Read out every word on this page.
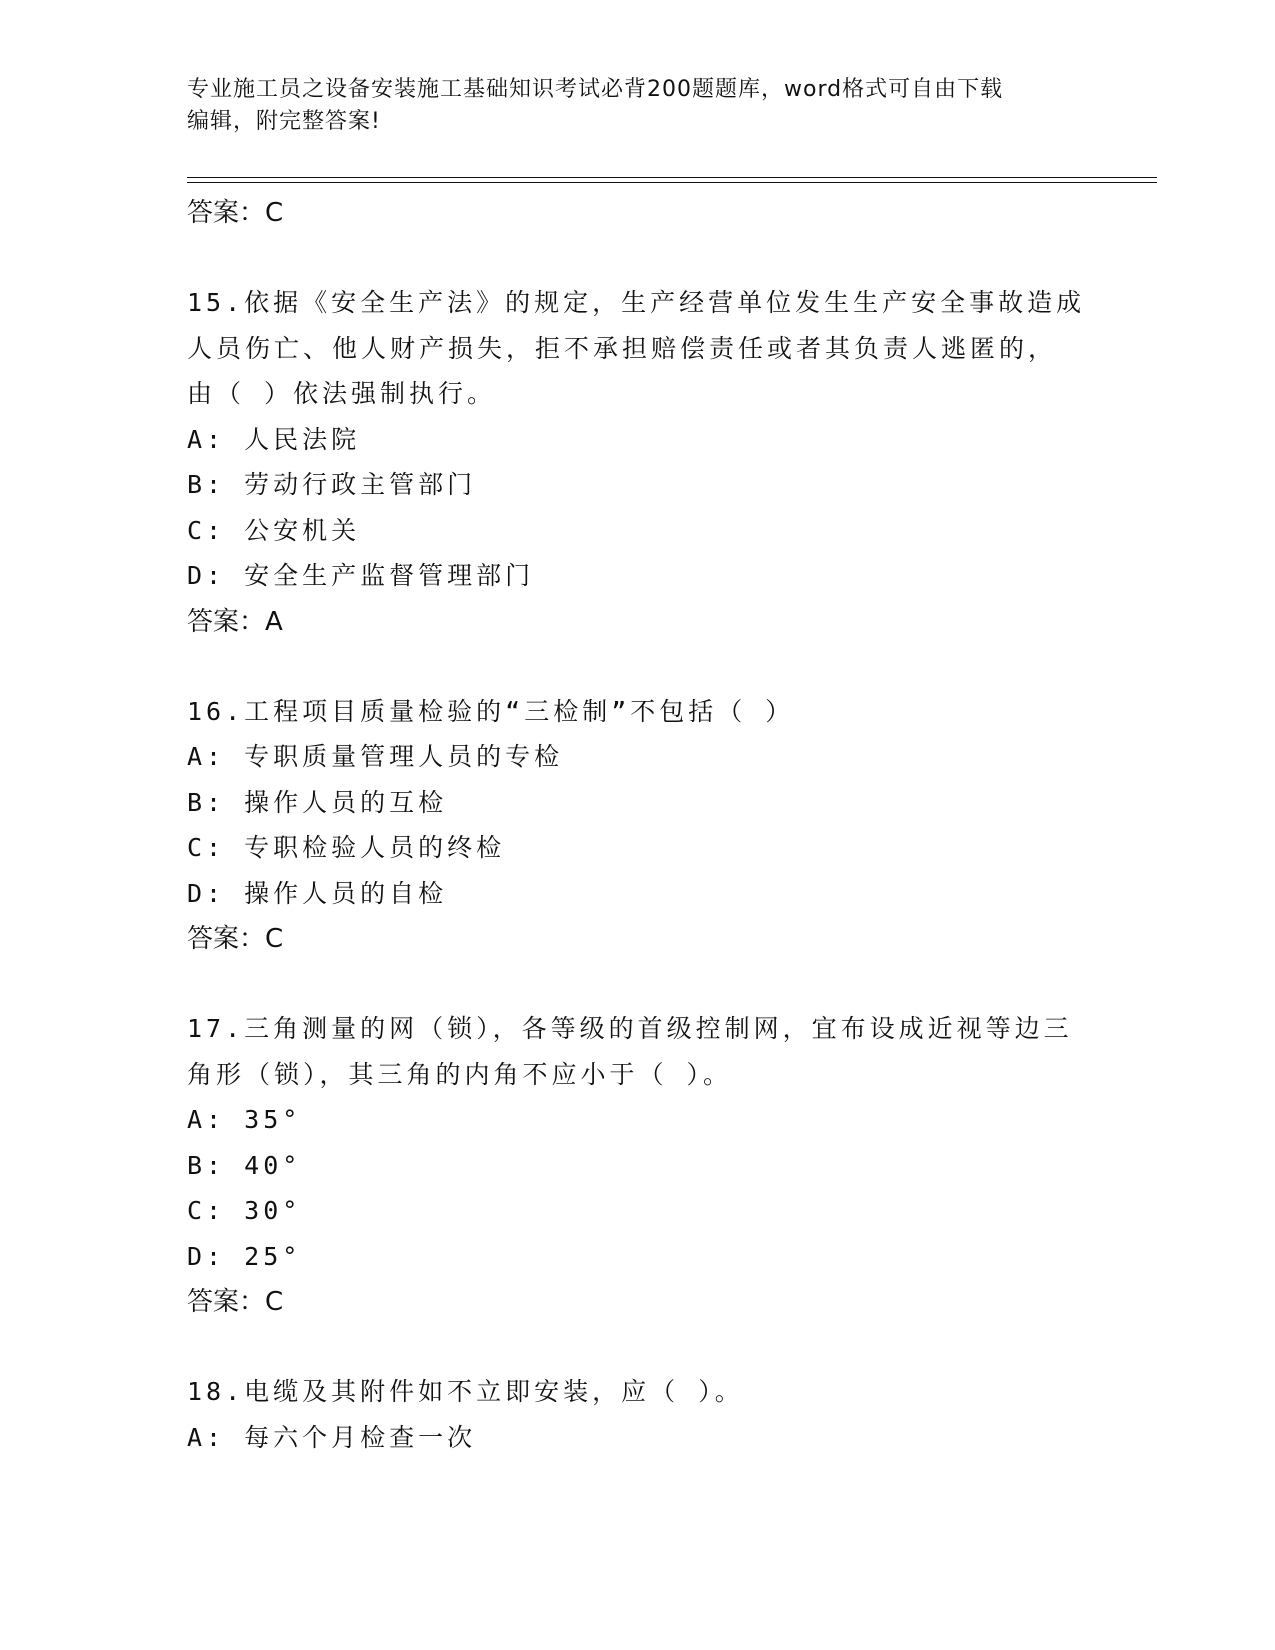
专业施工员之设备安装施工基础知识考试必背200题题库，word格式可自由下载
编辑，附完整答案!
答案：C
15.依据《安全生产法》的规定，生产经营单位发生生产安全事故造成
人员伤亡、他人财产损失，拒不承担赔偿责任或者其负责人逃匿的，
由（ ）依法强制执行。
A: 人民法院
B: 劳动行政主管部门
C: 公安机关
D: 安全生产监督管理部门
答案：A
16.工程项目质量检验的“三检制”不包括（ ）
A: 专职质量管理人员的专检
B: 操作人员的互检
C: 专职检验人员的终检
D: 操作人员的自检
答案：C
17.三角测量的网（锁），各等级的首级控制网，宜布设成近视等边三
角形（锁），其三角的内角不应小于（ ）。
A: 35°
B: 40°
C: 30°
D: 25°
答案：C
18.电缆及其附件如不立即安装，应（ ）。
A: 每六个月检查一次
